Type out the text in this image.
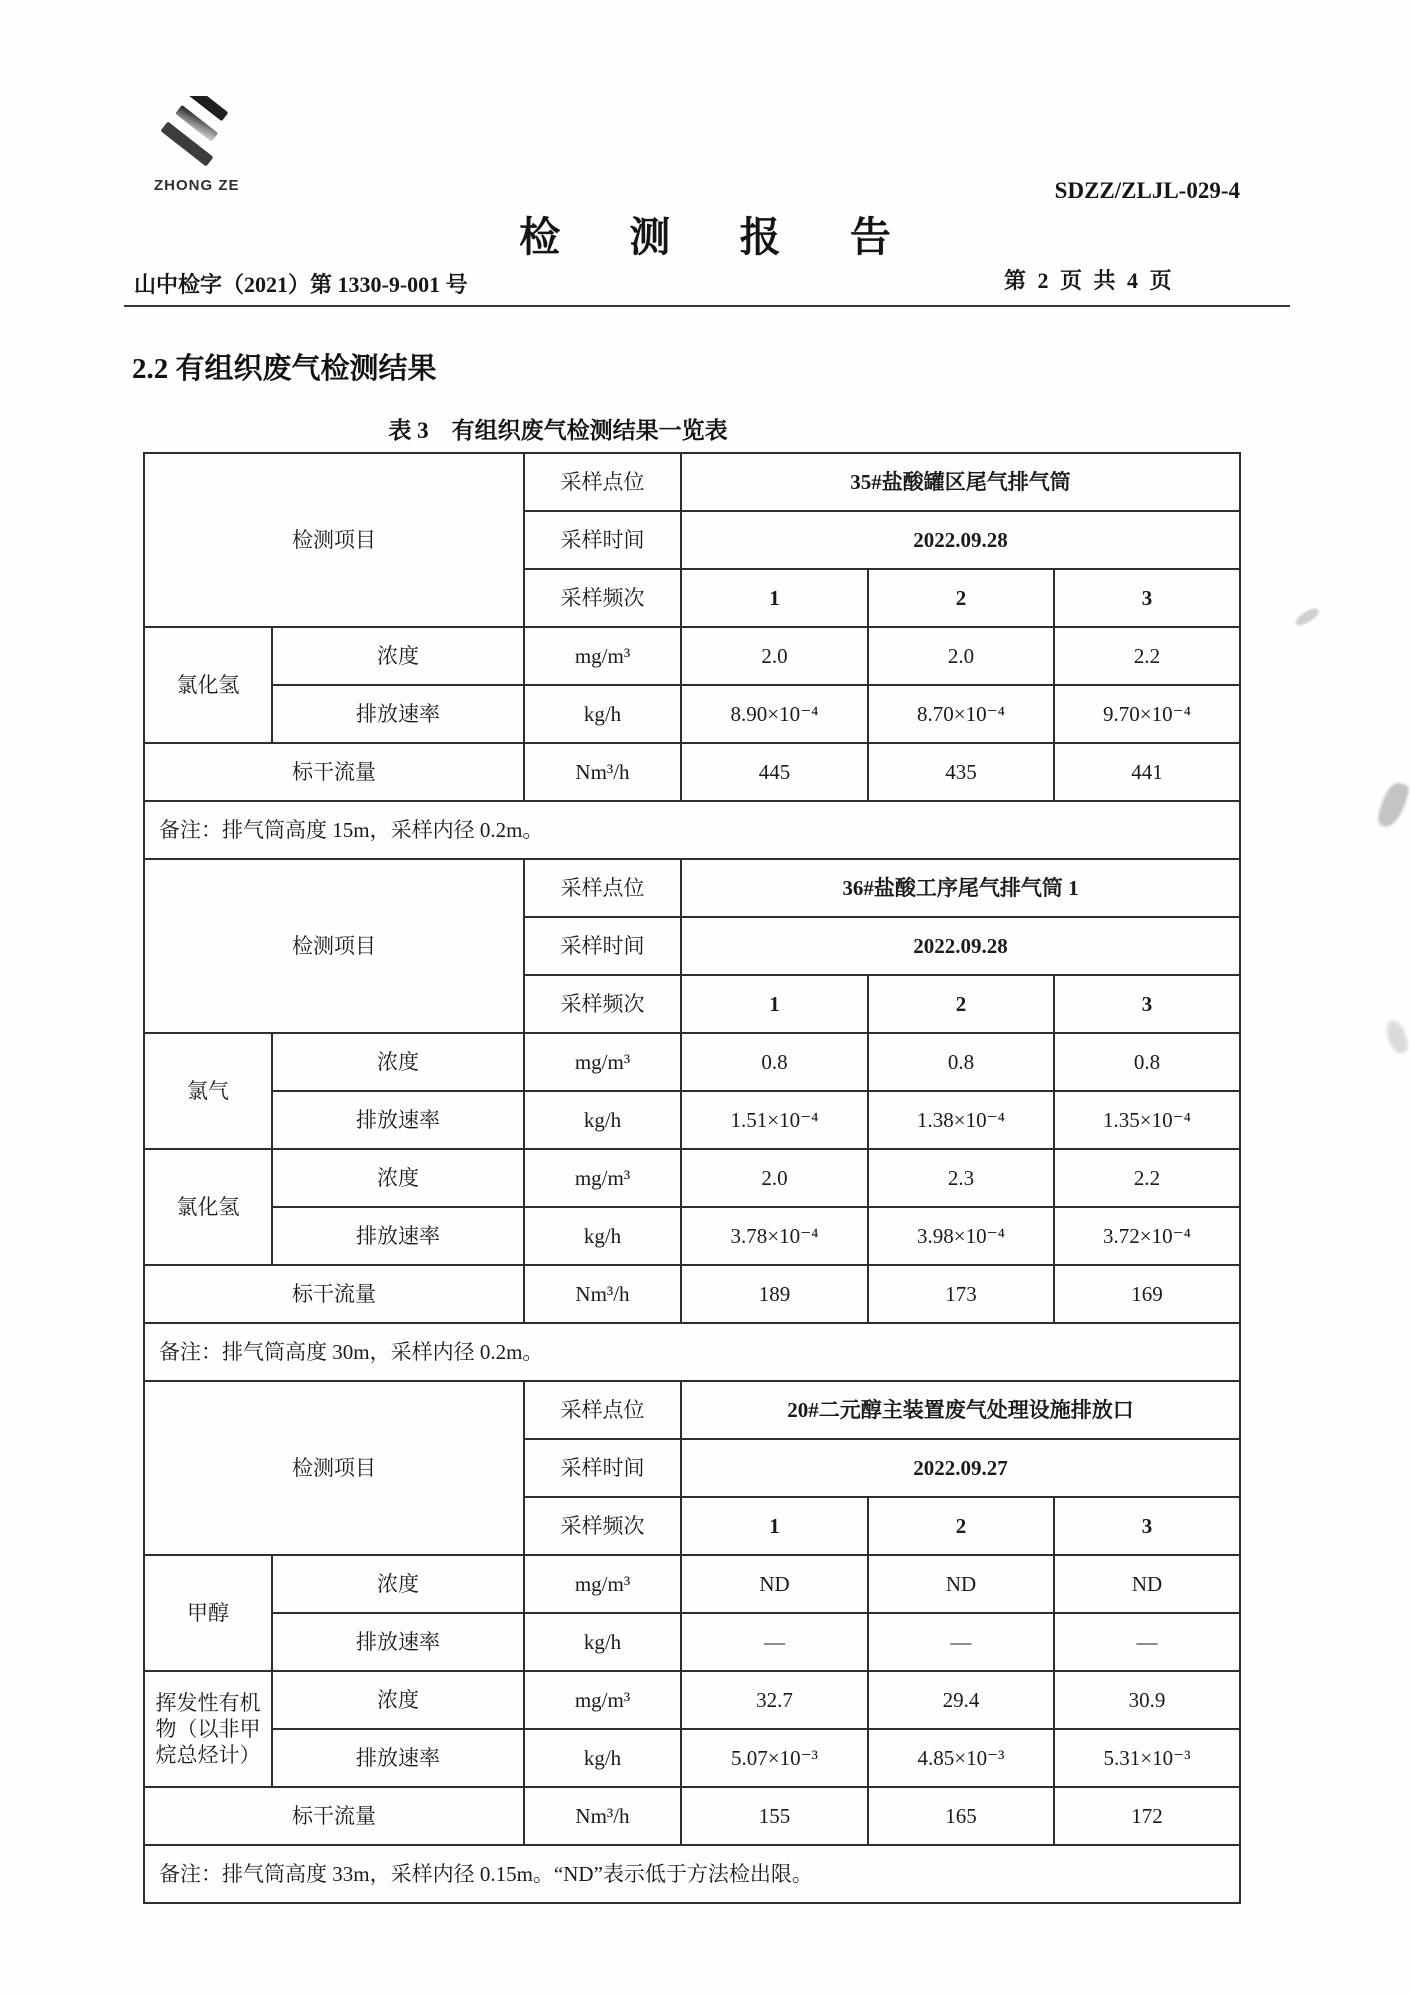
ZHONG ZE	SDZZ/ZLJL-029-4
检 测 报 告
山中检字（2021）第 1330-9-001 号	第 2 页 共 4 页
2.2 有组织废气检测结果
表 3　有组织废气检测结果一览表
检测项目		采样点位	35#盐酸罐区尾气排气筒		
		采样时间	2022.09.28		
		采样频次	1	2	3
氯化氢	浓度	mg/m³	2.0	2.0	2.2
	排放速率	kg/h	8.90×10⁻⁴	8.70×10⁻⁴	9.70×10⁻⁴
标干流量		Nm³/h	445	435	441
备注：排气筒高度 15m，采样内径 0.2m。					
检测项目		采样点位	36#盐酸工序尾气排气筒 1		
		采样时间	2022.09.28		
		采样频次	1	2	3
氯气	浓度	mg/m³	0.8	0.8	0.8
	排放速率	kg/h	1.51×10⁻⁴	1.38×10⁻⁴	1.35×10⁻⁴
氯化氢	浓度	mg/m³	2.0	2.3	2.2
	排放速率	kg/h	3.78×10⁻⁴	3.98×10⁻⁴	3.72×10⁻⁴
标干流量		Nm³/h	189	173	169
备注：排气筒高度 30m，采样内径 0.2m。					
检测项目		采样点位	20#二元醇主装置废气处理设施排放口		
		采样时间	2022.09.27		
		采样频次	1	2	3
甲醇	浓度	mg/m³	ND	ND	ND
	排放速率	kg/h	—	—	—
挥发性有机物（以非甲烷总烃计）	浓度	mg/m³	32.7	29.4	30.9
	排放速率	kg/h	5.07×10⁻³	4.85×10⁻³	5.31×10⁻³
标干流量		Nm³/h	155	165	172
备注：排气筒高度 33m，采样内径 0.15m。“ND”表示低于方法检出限。					
